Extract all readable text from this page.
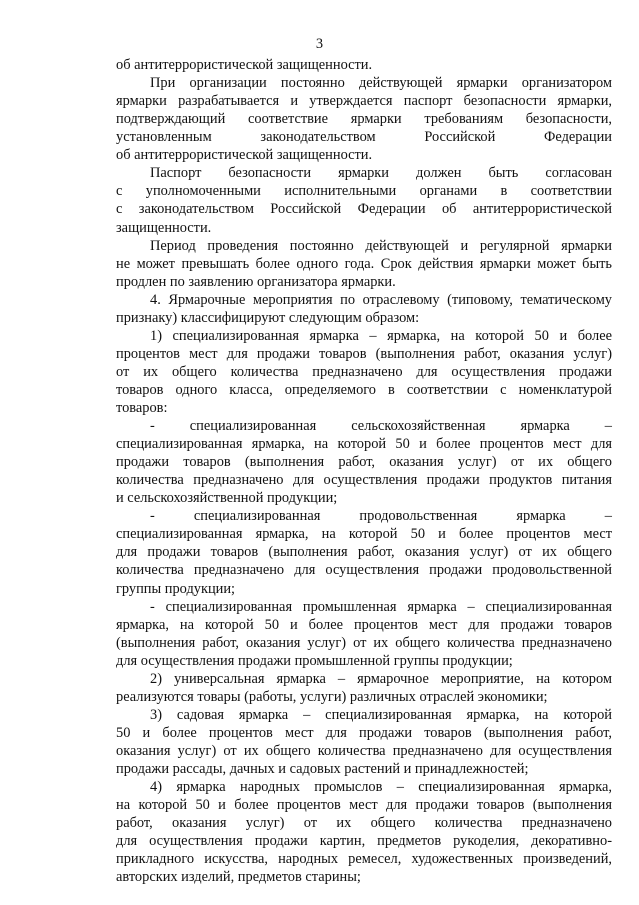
3
об антитеррористической защищенности.
При организации постоянно действующей ярмарки организатором
ярмарки разрабатывается и утверждается паспорт безопасности ярмарки,
подтверждающий соответствие ярмарки требованиям безопасности,
установленным законодательством Российской Федерации
об антитеррористической защищенности.
Паспорт безопасности ярмарки должен быть согласован
с уполномоченными исполнительными органами в соответствии
с законодательством Российской Федерации об антитеррористической
защищенности.
Период проведения постоянно действующей и регулярной ярмарки
не может превышать более одного года. Срок действия ярмарки может быть
продлен по заявлению организатора ярмарки.
4. Ярмарочные мероприятия по отраслевому (типовому, тематическому
признаку) классифицируют следующим образом:
1) специализированная ярмарка – ярмарка, на которой 50 и более
процентов мест для продажи товаров (выполнения работ, оказания услуг)
от их общего количества предназначено для осуществления продажи
товаров одного класса, определяемого в соответствии с номенклатурой
товаров:
- специализированная сельскохозяйственная ярмарка –
специализированная ярмарка, на которой 50 и более процентов мест для
продажи товаров (выполнения работ, оказания услуг) от их общего
количества предназначено для осуществления продажи продуктов питания
и сельскохозяйственной продукции;
- специализированная продовольственная ярмарка –
специализированная ярмарка, на которой 50 и более процентов мест
для продажи товаров (выполнения работ, оказания услуг) от их общего
количества предназначено для осуществления продажи продовольственной
группы продукции;
- специализированная промышленная ярмарка – специализированная
ярмарка, на которой 50 и более процентов мест для продажи товаров
(выполнения работ, оказания услуг) от их общего количества предназначено
для осуществления продажи промышленной группы продукции;
2) универсальная ярмарка – ярмарочное мероприятие, на котором
реализуются товары (работы, услуги) различных отраслей экономики;
3) садовая ярмарка – специализированная ярмарка, на которой
50 и более процентов мест для продажи товаров (выполнения работ,
оказания услуг) от их общего количества предназначено для осуществления
продажи рассады, дачных и садовых растений и принадлежностей;
4) ярмарка народных промыслов – специализированная ярмарка,
на которой 50 и более процентов мест для продажи товаров (выполнения
работ, оказания услуг) от их общего количества предназначено
для осуществления продажи картин, предметов рукоделия, декоративно-
прикладного искусства, народных ремесел, художественных произведений,
авторских изделий, предметов старины;
